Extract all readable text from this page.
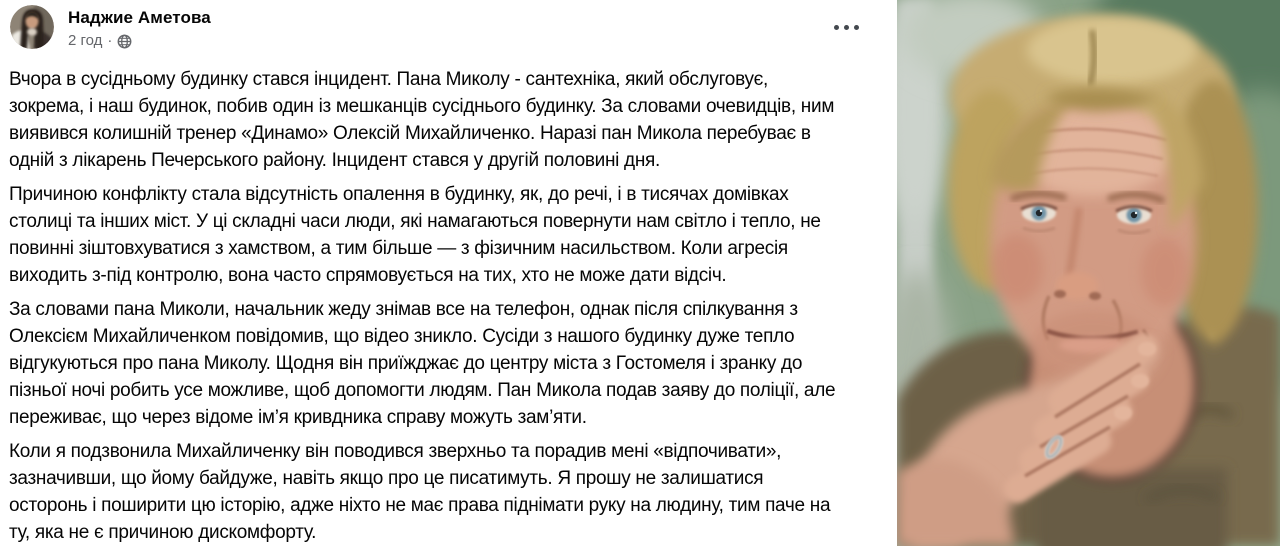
Наджие Аметова
2 год ·
Вчора в сусідньому будинку стався інцидент. Пана Миколу - сантехніка, який обслуговує,
зокрема, і наш будинок, побив один із мешканців сусіднього будинку. За словами очевидців, ним
виявився колишній тренер «Динамо» Олексій Михайличенко. Наразі пан Микола перебуває в
одній з лікарень Печерського району. Інцидент стався у другій половині дня.
Причиною конфлікту стала відсутність опалення в будинку, як, до речі, і в тисячах домівках
столиці та інших міст. У ці складні часи люди, які намагаються повернути нам світло і тепло, не
повинні зіштовхуватися з хамством, а тим більше — з фізичним насильством. Коли агресія
виходить з-під контролю, вона часто спрямовується на тих, хто не може дати відсіч.
За словами пана Миколи, начальник жеду знімав все на телефон, однак після спілкування з
Олексієм Михайличенком повідомив, що відео зникло. Сусіди з нашого будинку дуже тепло
відгукуються про пана Миколу. Щодня він приїжджає до центру міста з Гостомеля і зранку до
пізньої ночі робить усе можливе, щоб допомогти людям. Пан Микола подав заяву до поліції, але
переживає, що через відоме ім’я кривдника справу можуть зам’яти.
Коли я подзвонила Михайличенку він поводився зверхньо та порадив мені «відпочивати»,
зазначивши, що йому байдуже, навіть якщо про це писатимуть. Я прошу не залишатися
осторонь і поширити цю історію, адже ніхто не має права піднімати руку на людину, тим паче на
ту, яка не є причиною дискомфорту.
